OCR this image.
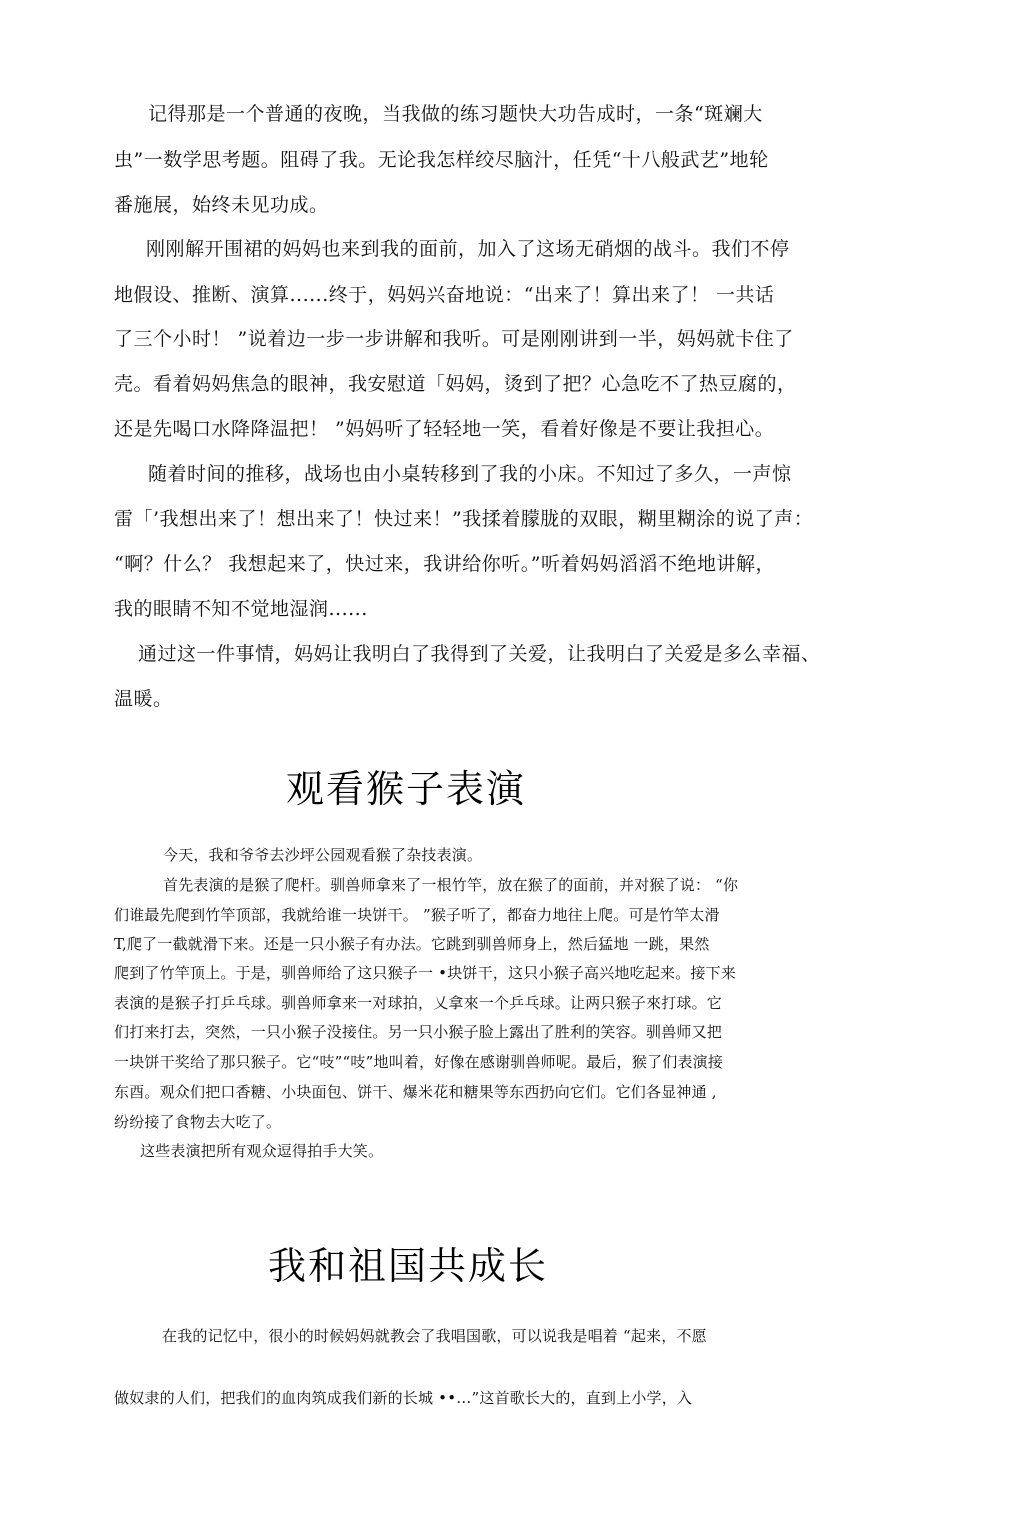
记得那是一个普通的夜晚，当我做的练习题快大功告成时，一条“斑斓大
虫”一数学思考题。阻碍了我。无论我怎样绞尽脑汁，任凭“十八般武艺”地轮
番施展，始终未见功成。
刚刚解开围裙的妈妈也来到我的面前，加入了这场无硝烟的战斗。我们不停
地假设、推断、演算......终于，妈妈兴奋地说：“出来了！算出来了！ 一共话
了三个小时！ ”说着边一步一步讲解和我听。可是刚刚讲到一半，妈妈就卡住了
壳。看着妈妈焦急的眼神，我安慰道「妈妈，烫到了把？心急吃不了热豆腐的，
还是先喝口水降降温把！ ”妈妈听了轻轻地一笑，看着好像是不要让我担心。
随着时间的推移，战场也由小桌转移到了我的小床。不知过了多久，一声惊
雷「’我想出来了！想出来了！快过来！”我揉着朦胧的双眼，糊里糊涂的说了声：
“啊？什么？ 我想起来了，快过来，我讲给你听。”听着妈妈滔滔不绝地讲解，
我的眼睛不知不觉地湿润......
通过这一件事情，妈妈让我明白了我得到了关爱，让我明白了关爱是多么幸福、
温暖。
观看猴子表演
今天，我和爷爷去沙坪公园观看猴了杂技表演。
首先表演的是猴了爬杆。驯兽师拿来了一根竹竿，放在猴了的面前，并对猴了说： “你
们谁最先爬到竹竿顶部，我就给谁一块饼干。 ”猴子听了，都奋力地往上爬。可是竹竿太滑
T,爬了一截就滑下来。还是一只小猴子有办法。它跳到驯兽师身上，然后猛地 一跳，果然
爬到了竹竿顶上。于是，驯兽师给了这只猴子一 •块饼干，这只小猴子高兴地吃起来。接下来
表演的是猴子打乒乓球。驯兽师拿来一对球拍，乂拿來一个乒乓球。让两只猴子來打球。它
们打来打去，突然，一只小猴子没接住。另一只小猴子脸上露出了胜利的笑容。驯兽师又把
一块饼干奖给了那只猴子。它“吱”“吱”地叫着，好像在感谢驯兽师呢。最后，猴了们表演接
东酉。观众们把口香糖、小块面包、饼干、爆米花和糖果等东西扔向它们。它们各显神通 ,
纷纷接了食物去大吃了。
这些表演把所有观众逗得拍手大笑。
我和祖国共成长
在我的记忆中，很小的时候妈妈就教会了我唱国歌，可以说我是唱着 “起来，不愿
做奴隶的人们，把我们的血肉筑成我们新的长城 ••…”这首歌长大的，直到上小学，入
